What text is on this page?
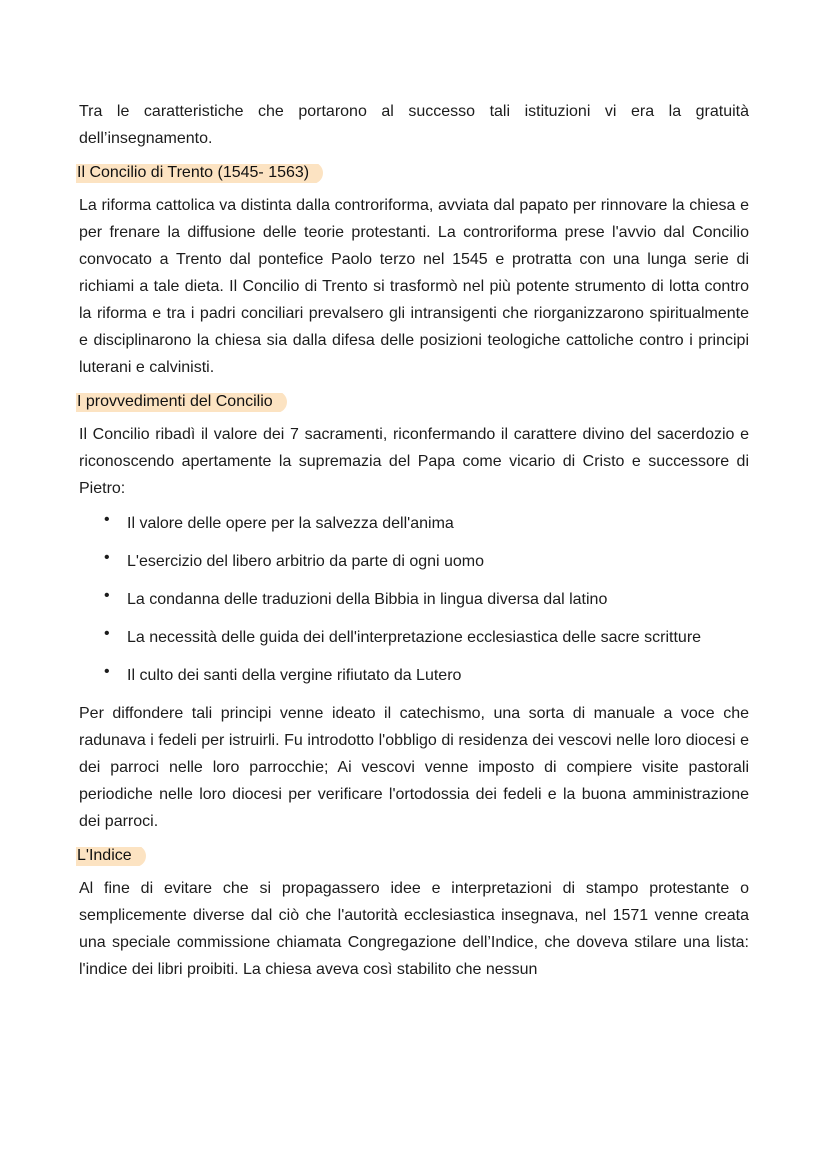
Tra le caratteristiche che portarono al successo tali istituzioni vi era la gratuità dell’insegnamento.

Il Concilio di Trento (1545- 1563)

La riforma cattolica va distinta dalla controriforma, avviata dal papato per rinnovare la chiesa e per frenare la diffusione delle teorie protestanti. La controriforma prese l'avvio dal Concilio convocato a Trento dal pontefice Paolo terzo nel 1545 e protratta con una lunga serie di richiami a tale dieta. Il Concilio di Trento si trasformò nel più potente strumento di lotta contro la riforma e tra i padri conciliari prevalsero gli intransigenti che riorganizzarono spiritualmente e disciplinarono la chiesa sia dalla difesa delle posizioni teologiche cattoliche contro i principi luterani e calvinisti.

I provvedimenti del Concilio

Il Concilio ribadì il valore dei 7 sacramenti, riconfermando il carattere divino del sacerdozio e riconoscendo apertamente la supremazia del Papa come vicario di Cristo e successore di Pietro:

• Il valore delle opere per la salvezza dell'anima
• L'esercizio del libero arbitrio da parte di ogni uomo
• La condanna delle traduzioni della Bibbia in lingua diversa dal latino
• La necessità delle guida dei dell'interpretazione ecclesiastica delle sacre scritture
• Il culto dei santi della vergine rifiutato da Lutero

Per diffondere tali principi venne ideato il catechismo, una sorta di manuale a voce che radunava i fedeli per istruirli. Fu introdotto l'obbligo di residenza dei vescovi nelle loro diocesi e dei parroci nelle loro parrocchie; Ai vescovi venne imposto di compiere visite pastorali periodiche nelle loro diocesi per verificare l'ortodossia dei fedeli e la buona amministrazione dei parroci.

L'Indice

Al fine di evitare che si propagassero idee e interpretazioni di stampo protestante o semplicemente diverse dal ciò che l'autorità ecclesiastica insegnava, nel 1571 venne creata una speciale commissione chiamata Congregazione dell’Indice, che doveva stilare una lista: l'indice dei libri proibiti. La chiesa aveva così stabilito che nessun
